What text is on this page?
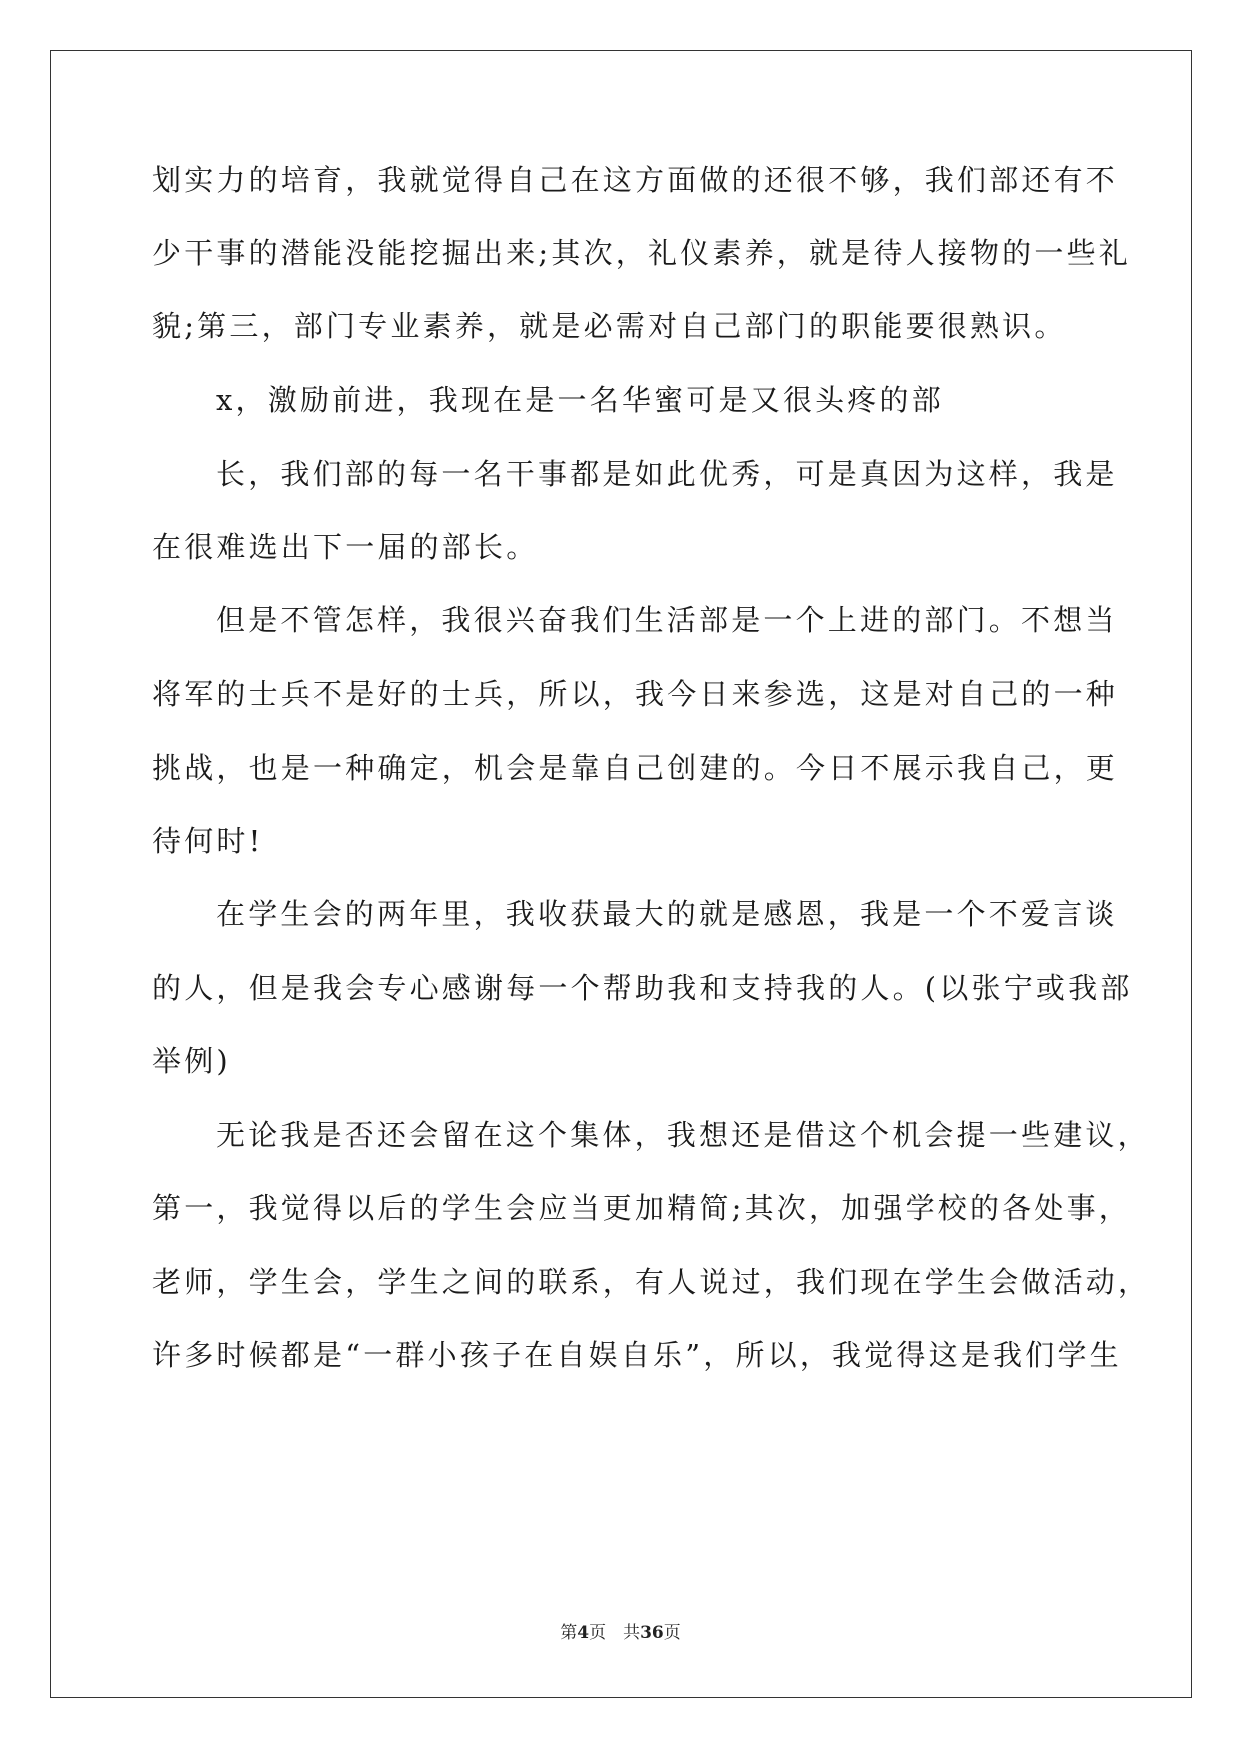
划实力的培育，我就觉得自己在这方面做的还很不够，我们部还有不
少干事的潜能没能挖掘出来;其次，礼仪素养，就是待人接物的一些礼
貌;第三，部门专业素养，就是必需对自己部门的职能要很熟识。
x，激励前进，我现在是一名华蜜可是又很头疼的部
长，我们部的每一名干事都是如此优秀，可是真因为这样，我是
在很难选出下一届的部长。
但是不管怎样，我很兴奋我们生活部是一个上进的部门。不想当
将军的士兵不是好的士兵，所以，我今日来参选，这是对自己的一种
挑战，也是一种确定，机会是靠自己创建的。今日不展示我自己，更
待何时!
在学生会的两年里，我收获最大的就是感恩，我是一个不爱言谈
的人，但是我会专心感谢每一个帮助我和支持我的人。(以张宁或我部
举例)
无论我是否还会留在这个集体，我想还是借这个机会提一些建议，
第一，我觉得以后的学生会应当更加精简;其次，加强学校的各处事，
老师，学生会，学生之间的联系，有人说过，我们现在学生会做活动，
许多时候都是“一群小孩子在自娱自乐”，所以，我觉得这是我们学生
第4页　共36页
